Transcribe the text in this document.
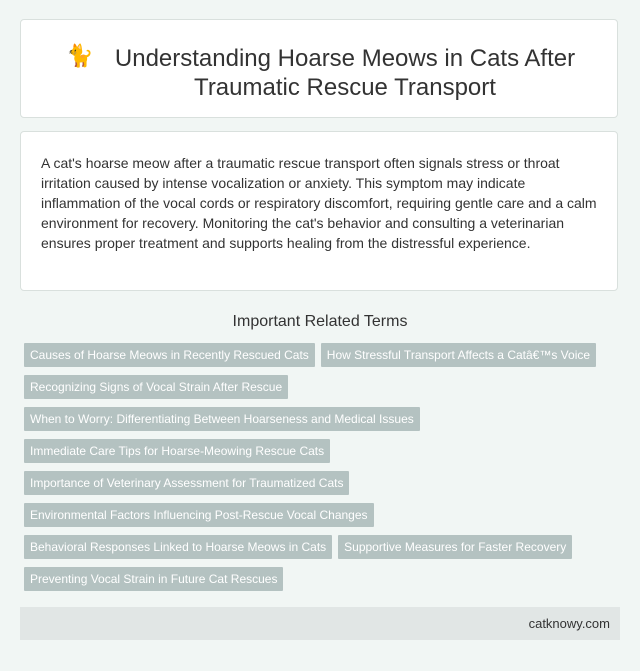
🐈 Understanding Hoarse Meows in Cats After Traumatic Rescue Transport

A cat's hoarse meow after a traumatic rescue transport often signals stress or throat irritation caused by intense vocalization or anxiety. This symptom may indicate inflammation of the vocal cords or respiratory discomfort, requiring gentle care and a calm environment for recovery. Monitoring the cat's behavior and consulting a veterinarian ensures proper treatment and supports healing from the distressful experience.

Important Related Terms
Causes of Hoarse Meows in Recently Rescued Cats	How Stressful Transport Affects a Catâ€™s Voice
Recognizing Signs of Vocal Strain After Rescue
When to Worry: Differentiating Between Hoarseness and Medical Issues
Immediate Care Tips for Hoarse-Meowing Rescue Cats
Importance of Veterinary Assessment for Traumatized Cats
Environmental Factors Influencing Post-Rescue Vocal Changes
Behavioral Responses Linked to Hoarse Meows in Cats	Supportive Measures for Faster Recovery
Preventing Vocal Strain in Future Cat Rescues
catknowy.com
